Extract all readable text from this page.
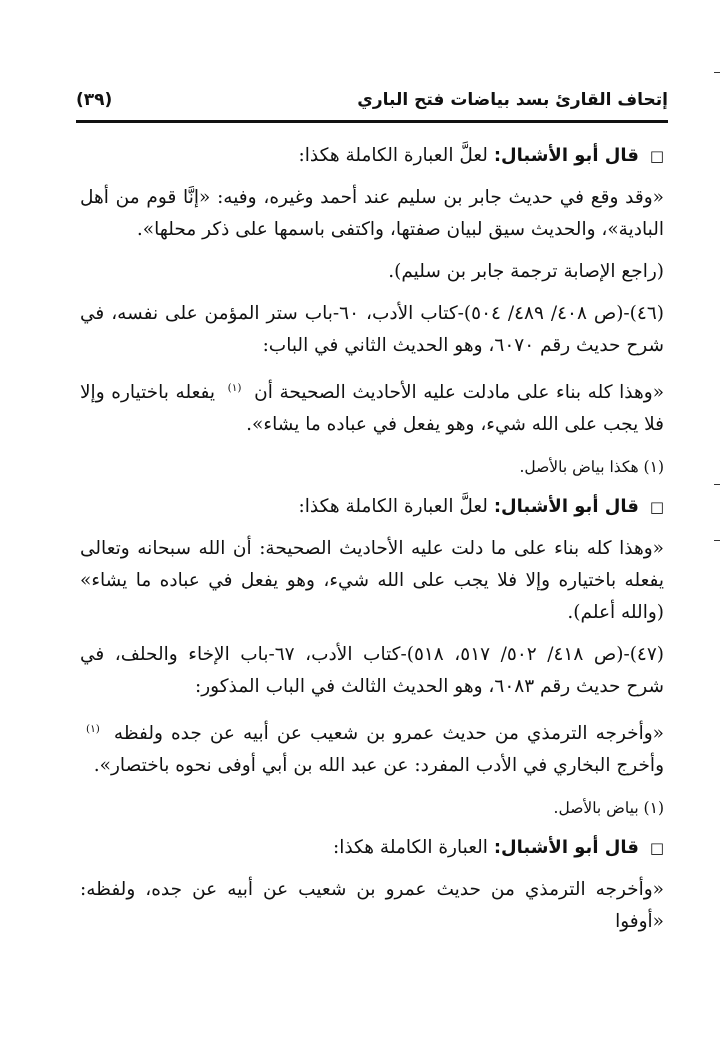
إتحاف القارئ بسد بياضات فتح الباري
(٣٩)

□ قال أبو الأشبال: لعلَّ العبارة الكاملة هكذا:

«وقد وقع في حديث جابر بن سليم عند أحمد وغيره، وفيه: «إنَّا قوم من أهل البادية»، والحديث سيق لبيان صفتها، واكتفى باسمها على ذكر محلها».

(راجع الإصابة ترجمة جابر بن سليم).

(٤٦)-(ص ٤٠٨/ ٤٨٩/ ٥٠٤)-كتاب الأدب، ٦٠-باب ستر المؤمن على نفسه، في شرح حديث رقم ٦٠٧٠، وهو الحديث الثاني في الباب:

«وهذا كله بناء على مادلت عليه الأحاديث الصحيحة أن $^{(١)}$ يفعله باختياره وإلا فلا يجب على الله شيء، وهو يفعل في عباده ما يشاء».

(١) هكذا بياض بالأصل.

□ قال أبو الأشبال: لعلَّ العبارة الكاملة هكذا:

«وهذا كله بناء على ما دلت عليه الأحاديث الصحيحة: أن الله سبحانه وتعالى يفعله باختياره وإلا فلا يجب على الله شيء، وهو يفعل في عباده ما يشاء» (والله أعلم).

(٤٧)-(ص ٤١٨/ ٥٠٢/ ٥١٧، ٥١٨)-كتاب الأدب، ٦٧-باب الإخاء والحلف، في شرح حديث رقم ٦٠٨٣، وهو الحديث الثالث في الباب المذكور:

«وأخرجه الترمذي من حديث عمرو بن شعيب عن أبيه عن جده ولفظه $^{(١)}$ وأخرج البخاري في الأدب المفرد: عن عبد الله بن أبي أوفى نحوه باختصار».

(١) بياض بالأصل.

□ قال أبو الأشبال: العبارة الكاملة هكذا:

«وأخرجه الترمذي من حديث عمرو بن شعيب عن أبيه عن جده، ولفظه: «أوفوا
